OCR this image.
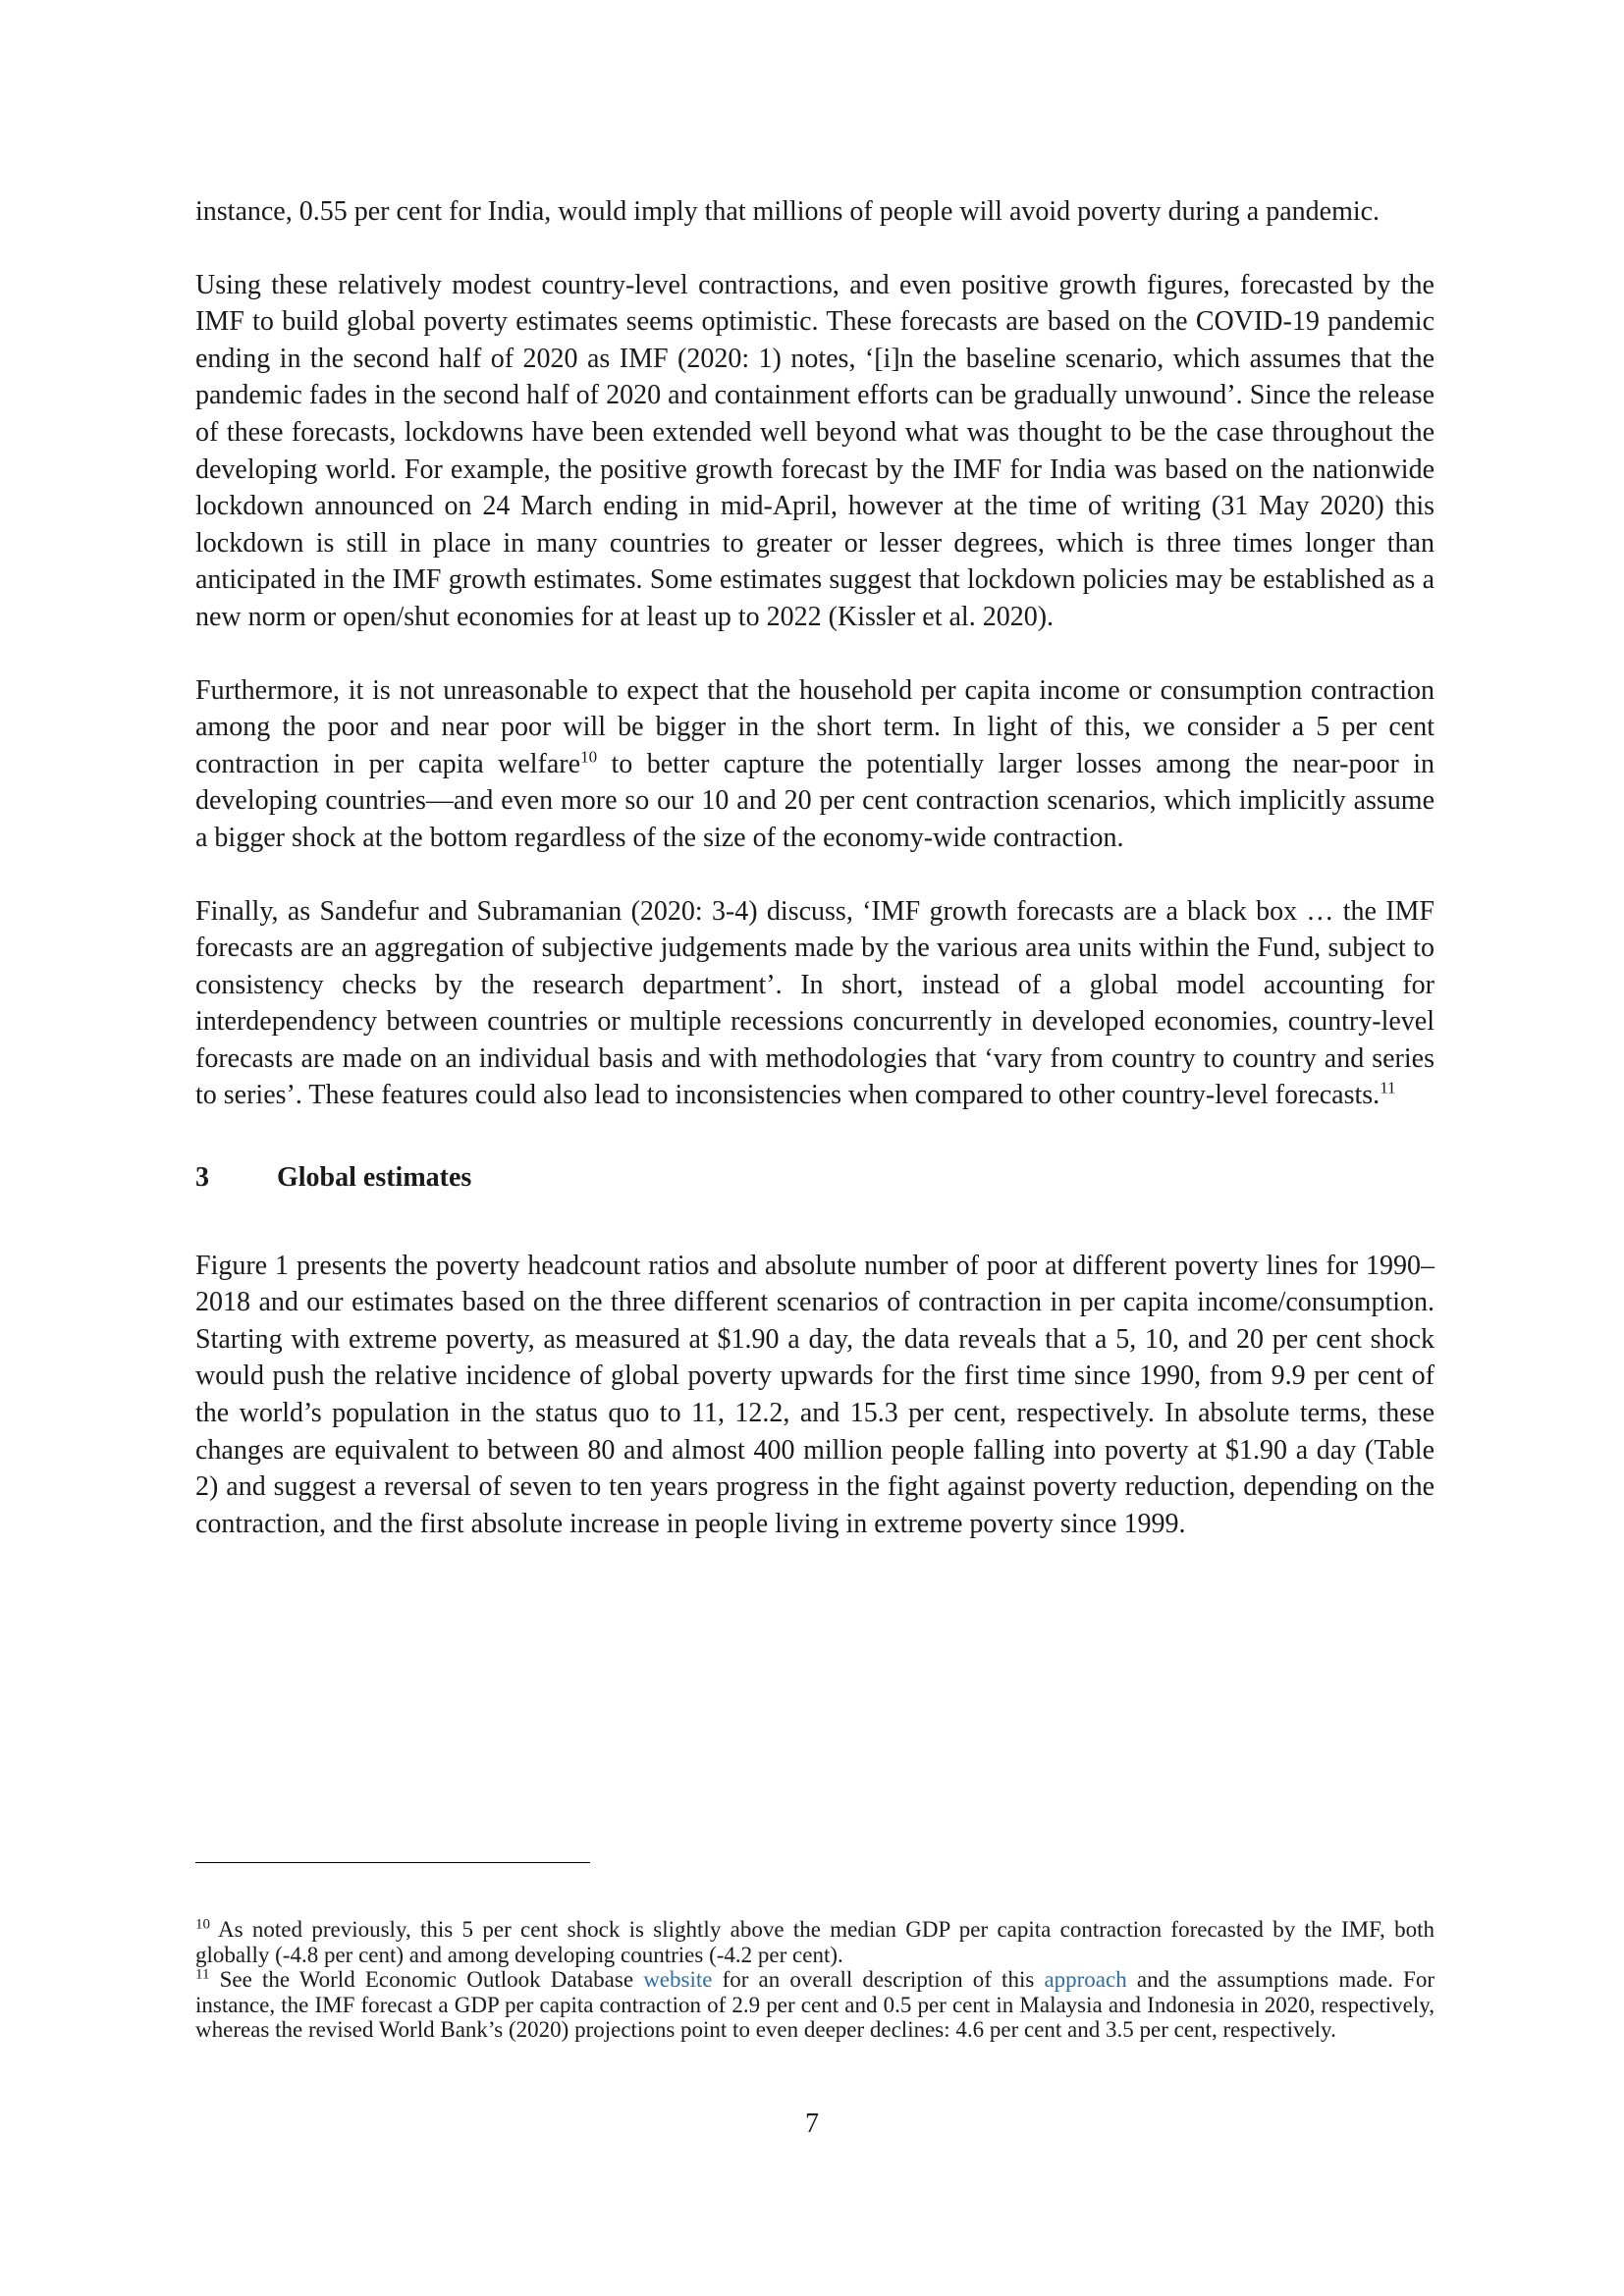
instance, 0.55 per cent for India, would imply that millions of people will avoid poverty during a pandemic.

Using these relatively modest country-level contractions, and even positive growth figures, forecasted by the IMF to build global poverty estimates seems optimistic. These forecasts are based on the COVID-19 pandemic ending in the second half of 2020 as IMF (2020: 1) notes, ‘[i]n the baseline scenario, which assumes that the pandemic fades in the second half of 2020 and containment efforts can be gradually unwound’. Since the release of these forecasts, lockdowns have been extended well beyond what was thought to be the case throughout the developing world. For example, the positive growth forecast by the IMF for India was based on the nationwide lockdown announced on 24 March ending in mid-April, however at the time of writing (31 May 2020) this lockdown is still in place in many countries to greater or lesser degrees, which is three times longer than anticipated in the IMF growth estimates. Some estimates suggest that lockdown policies may be established as a new norm or open/shut economies for at least up to 2022 (Kissler et al. 2020).

Furthermore, it is not unreasonable to expect that the household per capita income or consumption contraction among the poor and near poor will be bigger in the short term. In light of this, we consider a 5 per cent contraction in per capita welfare$^{10}$ to better capture the potentially larger losses among the near-poor in developing countries—and even more so our 10 and 20 per cent contraction scenarios, which implicitly assume a bigger shock at the bottom regardless of the size of the economy-wide contraction.

Finally, as Sandefur and Subramanian (2020: 3-4) discuss, ‘IMF growth forecasts are a black box … the IMF forecasts are an aggregation of subjective judgements made by the various area units within the Fund, subject to consistency checks by the research department’. In short, instead of a global model accounting for interdependency between countries or multiple recessions concurrently in developed economies, country-level forecasts are made on an individual basis and with methodologies that ‘vary from country to country and series to series’. These features could also lead to inconsistencies when compared to other country-level forecasts.$^{11}$

3	Global estimates

Figure 1 presents the poverty headcount ratios and absolute number of poor at different poverty lines for 1990–2018 and our estimates based on the three different scenarios of contraction in per capita income/consumption. Starting with extreme poverty, as measured at $1.90 a day, the data reveals that a 5, 10, and 20 per cent shock would push the relative incidence of global poverty upwards for the first time since 1990, from 9.9 per cent of the world’s population in the status quo to 11, 12.2, and 15.3 per cent, respectively. In absolute terms, these changes are equivalent to between 80 and almost 400 million people falling into poverty at $1.90 a day (Table 2) and suggest a reversal of seven to ten years progress in the fight against poverty reduction, depending on the contraction, and the first absolute increase in people living in extreme poverty since 1999.

$^{10}$ As noted previously, this 5 per cent shock is slightly above the median GDP per capita contraction forecasted by the IMF, both globally (-4.8 per cent) and among developing countries (-4.2 per cent).

$^{11}$ See the World Economic Outlook Database website for an overall description of this approach and the assumptions made. For instance, the IMF forecast a GDP per capita contraction of 2.9 per cent and 0.5 per cent in Malaysia and Indonesia in 2020, respectively, whereas the revised World Bank’s (2020) projections point to even deeper declines: 4.6 per cent and 3.5 per cent, respectively.

7
